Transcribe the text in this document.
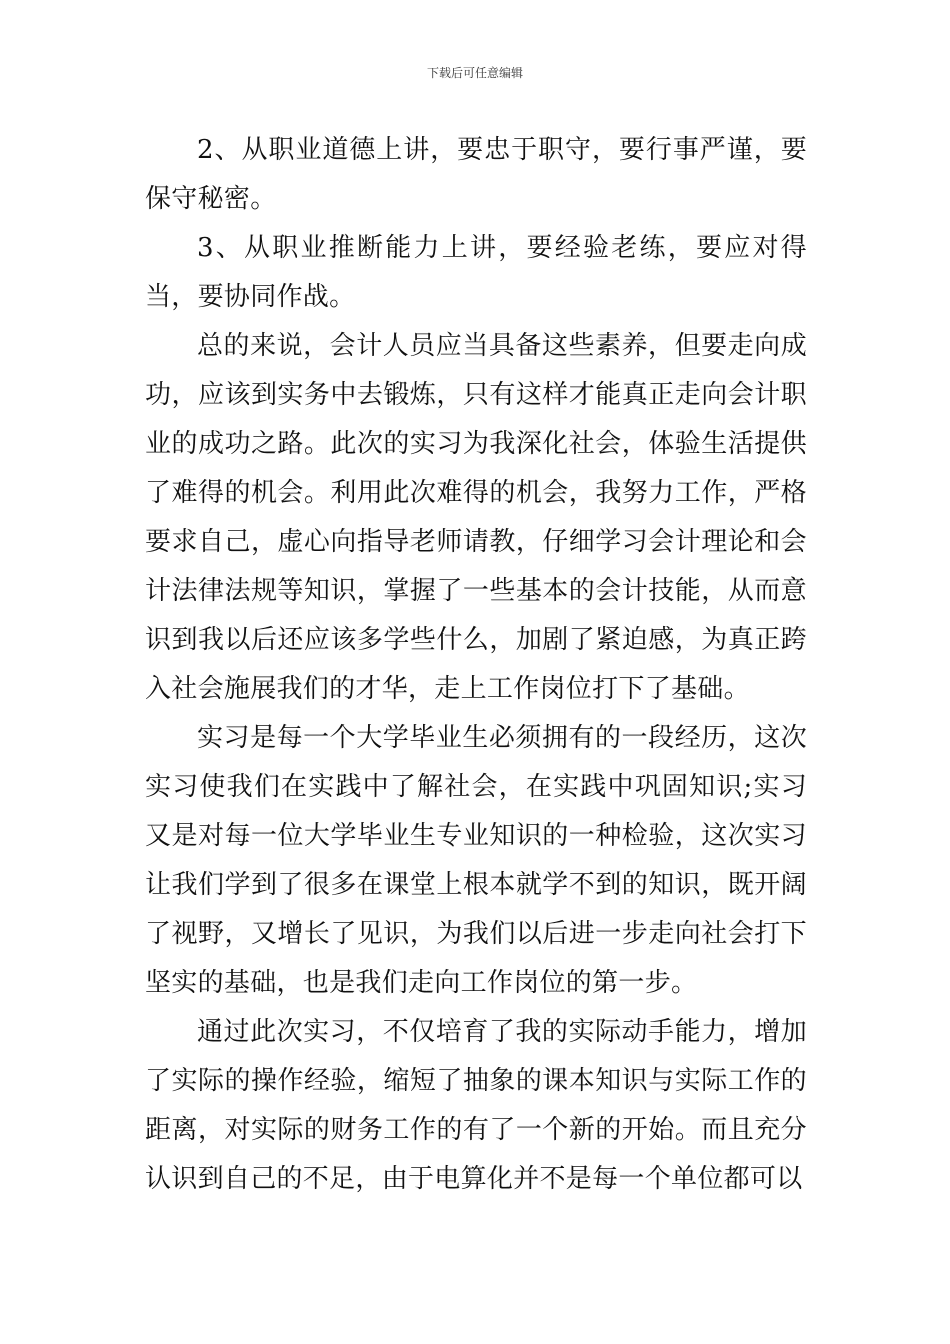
下载后可任意编辑

2、从职业道德上讲，要忠于职守，要行事严谨，要保守秘密。

3、从职业推断能力上讲，要经验老练，要应对得当，要协同作战。

总的来说，会计人员应当具备这些素养，但要走向成功，应该到实务中去锻炼，只有这样才能真正走向会计职业的成功之路。此次的实习为我深化社会，体验生活提供了难得的机会。利用此次难得的机会，我努力工作，严格要求自己，虚心向指导老师请教，仔细学习会计理论和会计法律法规等知识，掌握了一些基本的会计技能，从而意识到我以后还应该多学些什么，加剧了紧迫感，为真正跨入社会施展我们的才华，走上工作岗位打下了基础。

实习是每一个大学毕业生必须拥有的一段经历，这次实习使我们在实践中了解社会，在实践中巩固知识;实习又是对每一位大学毕业生专业知识的一种检验，这次实习让我们学到了很多在课堂上根本就学不到的知识，既开阔了视野，又增长了见识，为我们以后进一步走向社会打下坚实的基础，也是我们走向工作岗位的第一步。

通过此次实习，不仅培育了我的实际动手能力，增加了实际的操作经验，缩短了抽象的课本知识与实际工作的距离，对实际的财务工作的有了一个新的开始。而且充分认识到自己的不足，由于电算化并不是每一个单位都可以
